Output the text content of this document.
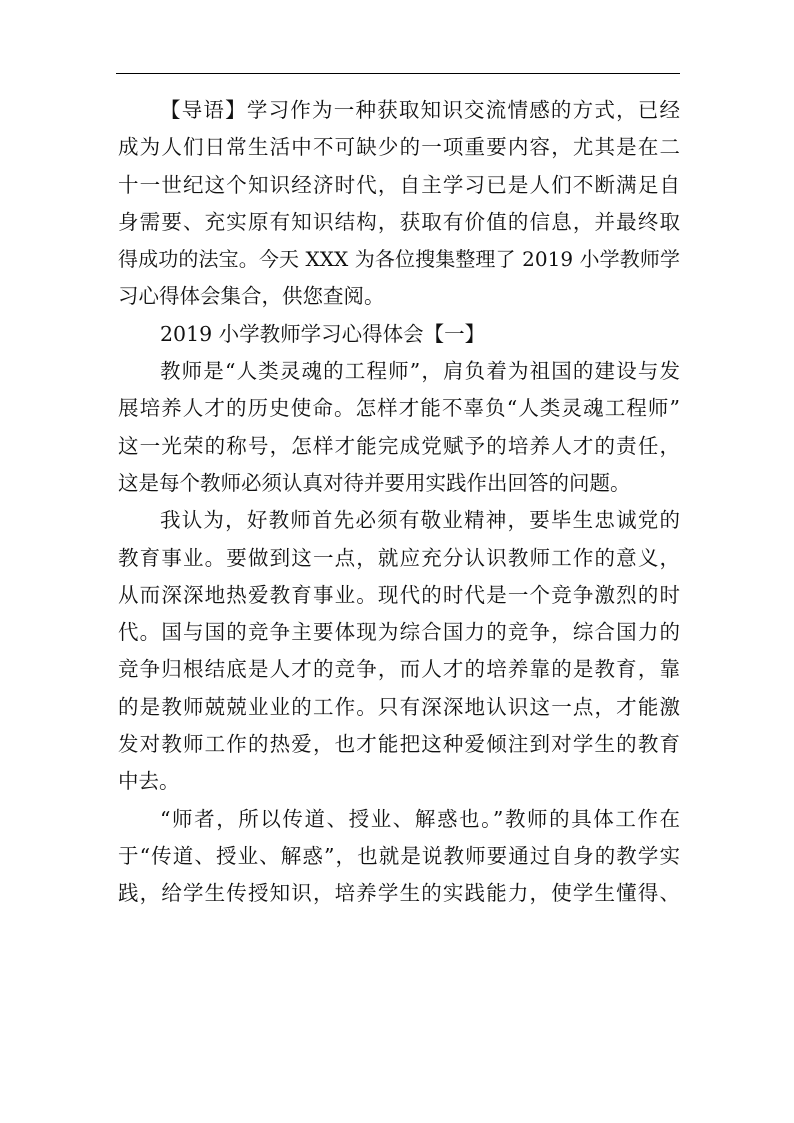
【导语】学习作为一种获取知识交流情感的方式，已经
成为人们日常生活中不可缺少的一项重要内容，尤其是在二
十一世纪这个知识经济时代，自主学习已是人们不断满足自
身需要、充实原有知识结构，获取有价值的信息，并最终取
得成功的法宝。今天 XXX 为各位搜集整理了 2019 小学教师学
习心得体会集合，供您查阅。
2019 小学教师学习心得体会【一】
教师是“人类灵魂的工程师”，肩负着为祖国的建设与发
展培养人才的历史使命。怎样才能不辜负“人类灵魂工程师”
这一光荣的称号，怎样才能完成党赋予的培养人才的责任，
这是每个教师必须认真对待并要用实践作出回答的问题。
我认为，好教师首先必须有敬业精神，要毕生忠诚党的
教育事业。要做到这一点，就应充分认识教师工作的意义，
从而深深地热爱教育事业。现代的时代是一个竞争激烈的时
代。国与国的竞争主要体现为综合国力的竞争，综合国力的
竞争归根结底是人才的竞争，而人才的培养靠的是教育，靠
的是教师兢兢业业的工作。只有深深地认识这一点，才能激
发对教师工作的热爱，也才能把这种爱倾注到对学生的教育
中去。
“师者，所以传道、授业、解惑也。”教师的具体工作在
于“传道、授业、解惑”，也就是说教师要通过自身的教学实
践，给学生传授知识，培养学生的实践能力，使学生懂得、
